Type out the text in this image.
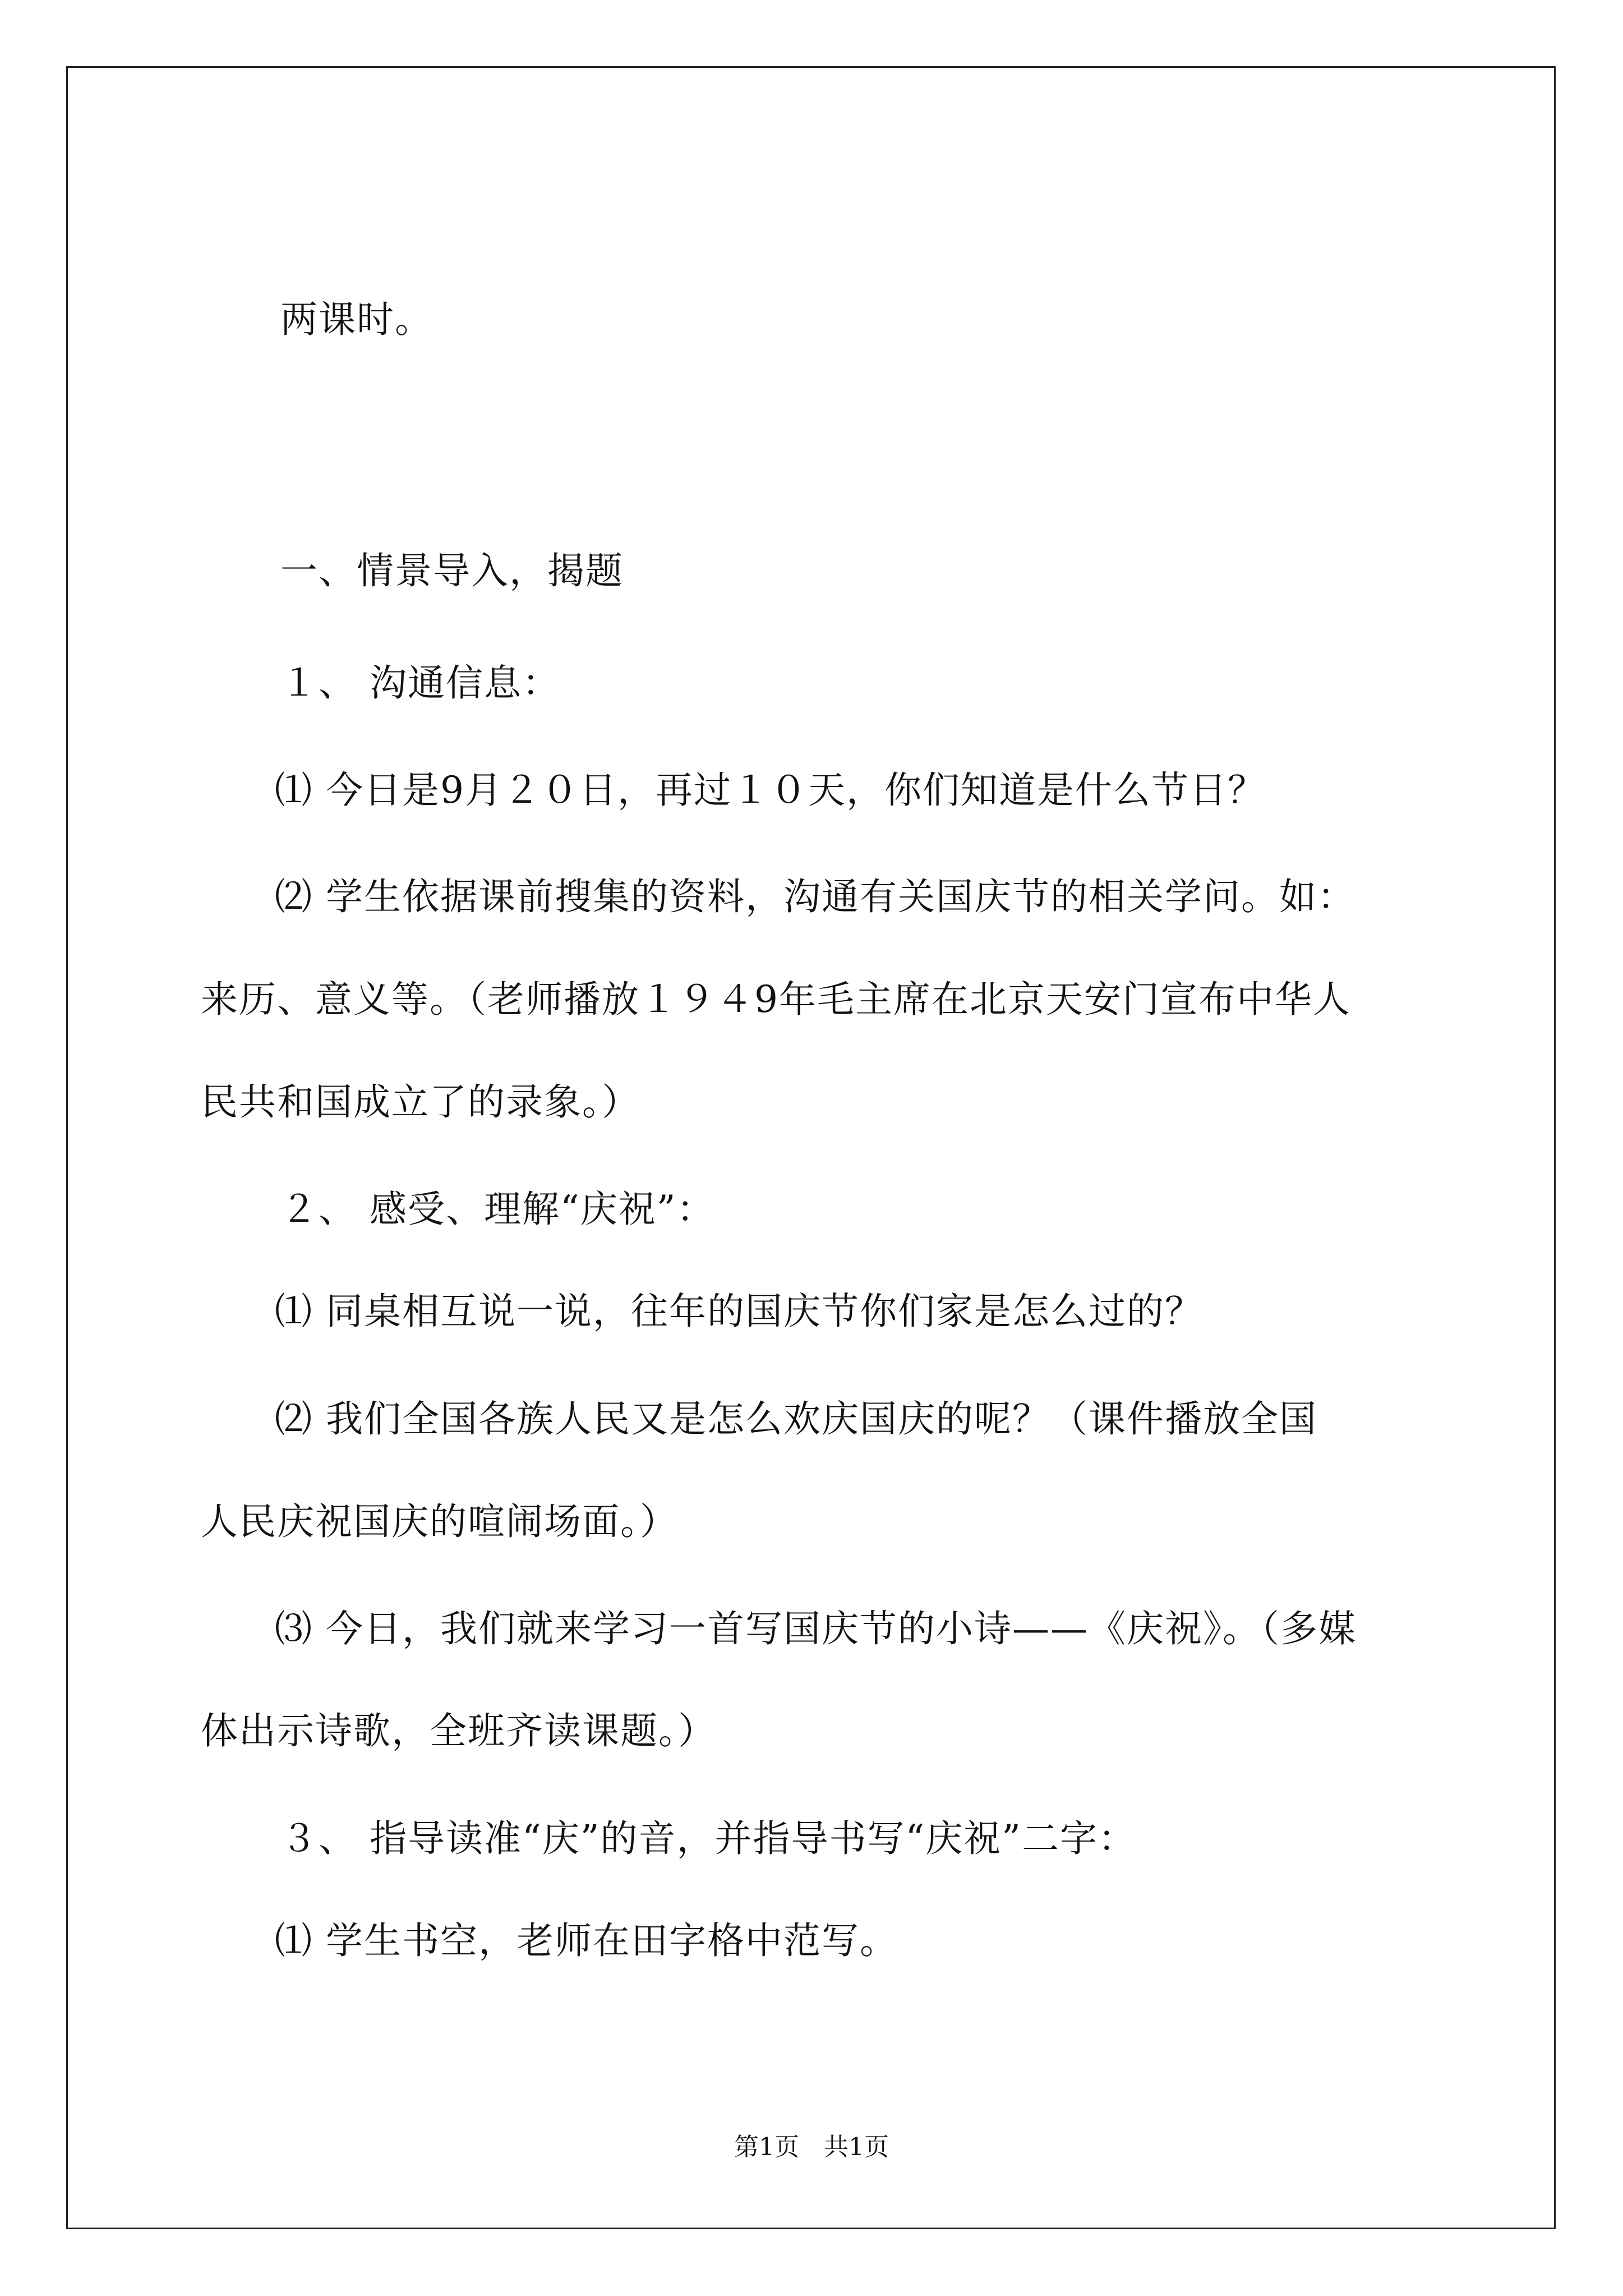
两课时。
一、情景导入，揭题
１、 沟通信息：
⑴ 今日是9月２０日，再过１０天，你们知道是什么节日？
⑵ 学生依据课前搜集的资料，沟通有关国庆节的相关学问。如：
来历、意义等。（老师播放１９４9年毛主席在北京天安门宣布中华人
民共和国成立了的录象。）
２、 感受、理解“庆祝”：
⑴ 同桌相互说一说，往年的国庆节你们家是怎么过的？
⑵ 我们全国各族人民又是怎么欢庆国庆的呢？（课件播放全国
人民庆祝国庆的喧闹场面。）
⑶ 今日，我们就来学习一首写国庆节的小诗——《庆祝》。（多媒
体出示诗歌，全班齐读课题。）
３、 指导读准“庆”的音，并指导书写“庆祝”二字：
⑴ 学生书空，老师在田字格中范写。
第1页 共1页
